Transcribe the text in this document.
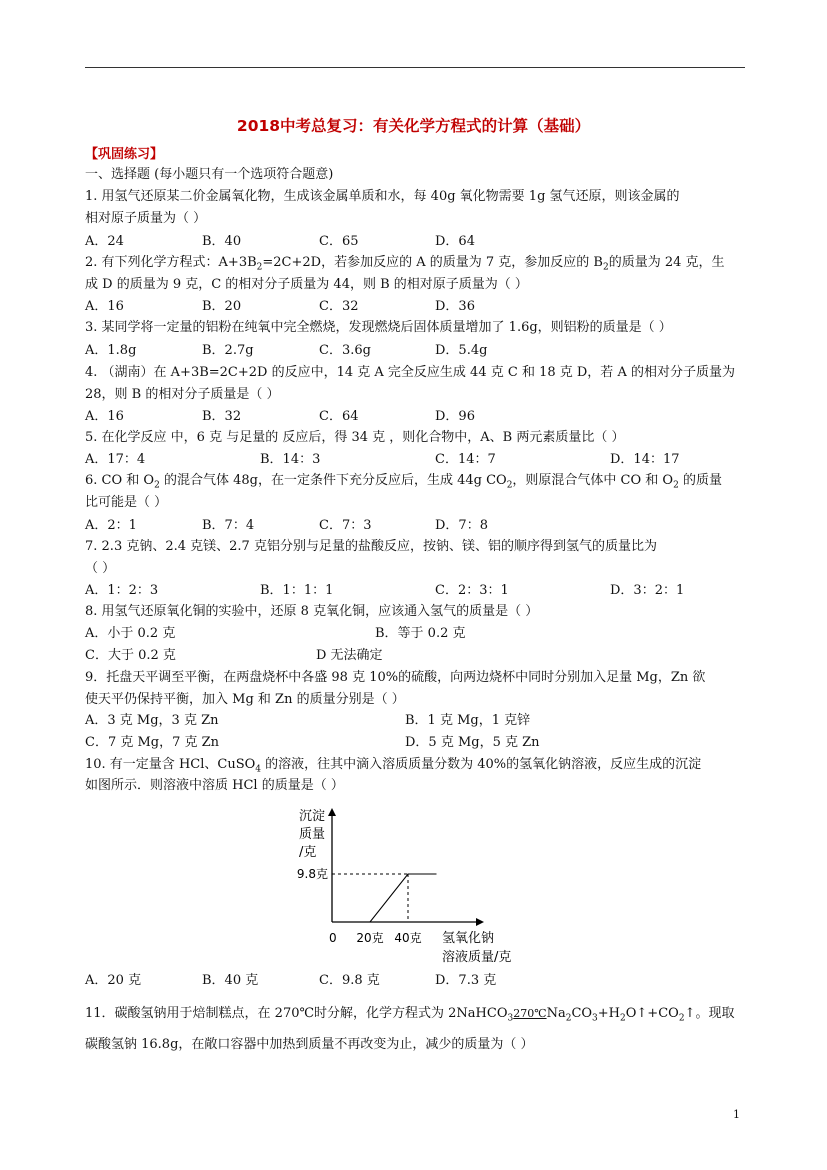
2018中考总复习：有关化学方程式的计算（基础）
【巩固练习】
一、选择题 (每小题只有一个选项符合题意)
1. 用氢气还原某二价金属氧化物，生成该金属单质和水，每 40g 氧化物需要 1g 氢气还原，则该金属的
相对原子质量为（ ）
A．24	B．40	C．65	D．64
2. 有下列化学方程式：$A+3B_2=2C+2D$，若参加反应的 A 的质量为 7 克，参加反应的 $B_2$的质量为 24 克，生
成 D 的质量为 9 克，C 的相对分子质量为 44，则 B 的相对原子质量为（ ）
A．16	B．20	C．32	D．36
3. 某同学将一定量的铝粉在纯氧中完全燃烧，发现燃烧后固体质量增加了 1.6g，则铝粉的质量是（ ）
A．1.8g	B．2.7g	C．3.6g	D．5.4g
4. （湖南）在 A+3B=2C+2D 的反应中，14 克 A 完全反应生成 44 克 C 和 18 克 D，若 A 的相对分子质量为
28，则 B 的相对分子质量是（ ）
A．16	B．32	C．64	D．96
5. 在化学反应 中，6 克 与足量的 反应后，得 34 克 ，则化合物中，A、B 两元素质量比（ ）
A．17：4	B．14：3	C．14：7	D．14：17
6. CO 和 $O_2$ 的混合气体 48g，在一定条件下充分反应后，生成 44g $CO_2$，则原混合气体中 CO 和 $O_2$ 的质量
比可能是（ ）
A．2：1	B．7：4	C．7：3	D．7：8
7. 2.3 克钠、2.4 克镁、2.7 克铝分别与足量的盐酸反应，按钠、镁、铝的顺序得到氢气的质量比为
（ ）
A．1：2：3	B．1：1：1	C．2：3：1	D．3：2：1
8. 用氢气还原氧化铜的实验中，还原 8 克氧化铜，应该通入氢气的质量是（ ）
A．小于 0.2 克	B．等于 0.2 克
C．大于 0.2 克	D 无法确定
9．托盘天平调至平衡，在两盘烧杯中各盛 98 克 10%的硫酸，向两边烧杯中同时分别加入足量 Mg，Zn 欲
使天平仍保持平衡，加入 Mg 和 Zn 的质量分别是（ ）
A．3 克 Mg，3 克 Zn	B．1 克 Mg，1 克锌
C．7 克 Mg，7 克 Zn	D．5 克 Mg，5 克 Zn
10. 有一定量含 HCl、CuSO$_4$ 的溶液，往其中滴入溶质质量分数为 40%的氢氧化钠溶液，反应生成的沉淀
如图所示．则溶液中溶质 HCl 的质量是（ ）
9.8克
沉淀
质量
/克
0 20克 40克 氢氧化钠
溶液质量/克
A．20 克	B．40 克	C．9.8 克	D．7.3 克
11．碳酸氢钠用于焙制糕点，在 270℃时分解，化学方程式为 2NaHCO$_3$ 270℃ $Na_2CO_3+H_2O↑+CO_2↑$。现取
碳酸氢钠 16.8g，在敞口容器中加热到质量不再改变为止，减少的质量为（ ）
1
